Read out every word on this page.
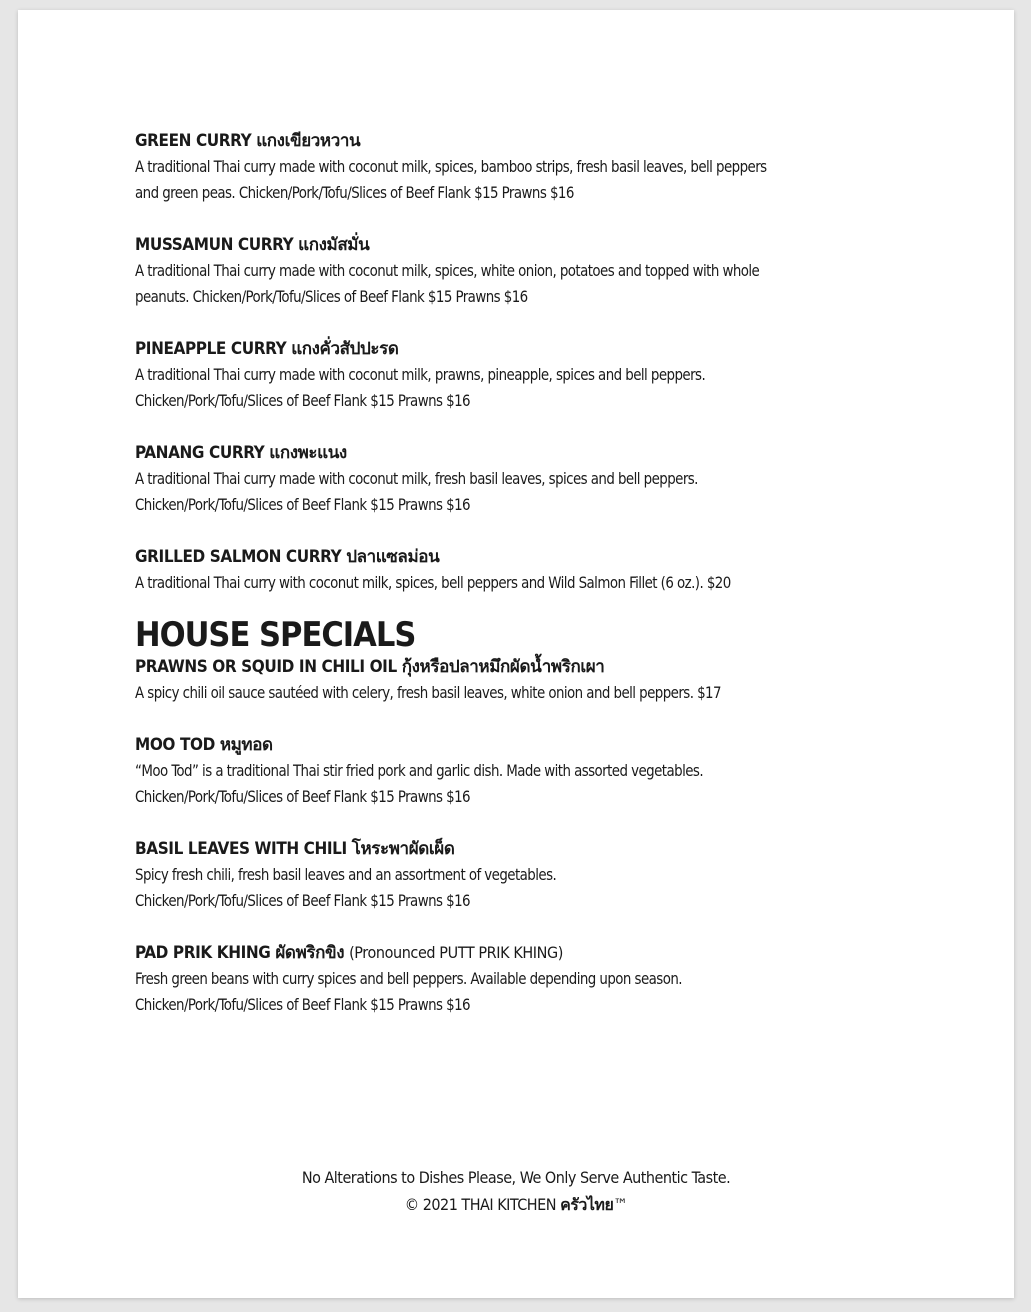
GREEN CURRY แกงเขียวหวาน
A traditional Thai curry made with coconut milk, spices, bamboo strips, fresh basil leaves, bell peppers
and green peas. Chicken/Pork/Tofu/Slices of Beef Flank $15 Prawns $16
MUSSAMUN CURRY แกงมัสมั่น
A traditional Thai curry made with coconut milk, spices, white onion, potatoes and topped with whole
peanuts. Chicken/Pork/Tofu/Slices of Beef Flank $15 Prawns $16
PINEAPPLE CURRY แกงคั่วสัปปะรด
A traditional Thai curry made with coconut milk, prawns, pineapple, spices and bell peppers.
Chicken/Pork/Tofu/Slices of Beef Flank $15 Prawns $16
PANANG CURRY แกงพะแนง
A traditional Thai curry made with coconut milk, fresh basil leaves, spices and bell peppers.
Chicken/Pork/Tofu/Slices of Beef Flank $15 Prawns $16
GRILLED SALMON CURRY ปลาแซลม่อน
A traditional Thai curry with coconut milk, spices, bell peppers and Wild Salmon Fillet (6 oz.). $20
HOUSE SPECIALS
PRAWNS OR SQUID IN CHILI OIL กุ้งหรือปลาหมึกผัดน้ำพริกเผา
A spicy chili oil sauce sautéed with celery, fresh basil leaves, white onion and bell peppers. $17
MOO TOD หมูทอด
“Moo Tod” is a traditional Thai stir fried pork and garlic dish. Made with assorted vegetables.
Chicken/Pork/Tofu/Slices of Beef Flank $15 Prawns $16
BASIL LEAVES WITH CHILI โหระพาผัดเผ็ด
Spicy fresh chili, fresh basil leaves and an assortment of vegetables.
Chicken/Pork/Tofu/Slices of Beef Flank $15 Prawns $16
PAD PRIK KHING ผัดพริกขิง (Pronounced PUTT PRIK KHING)
Fresh green beans with curry spices and bell peppers. Available depending upon season.
Chicken/Pork/Tofu/Slices of Beef Flank $15 Prawns $16
No Alterations to Dishes Please, We Only Serve Authentic Taste.
© 2021 THAI KITCHEN ครัวไทย™
